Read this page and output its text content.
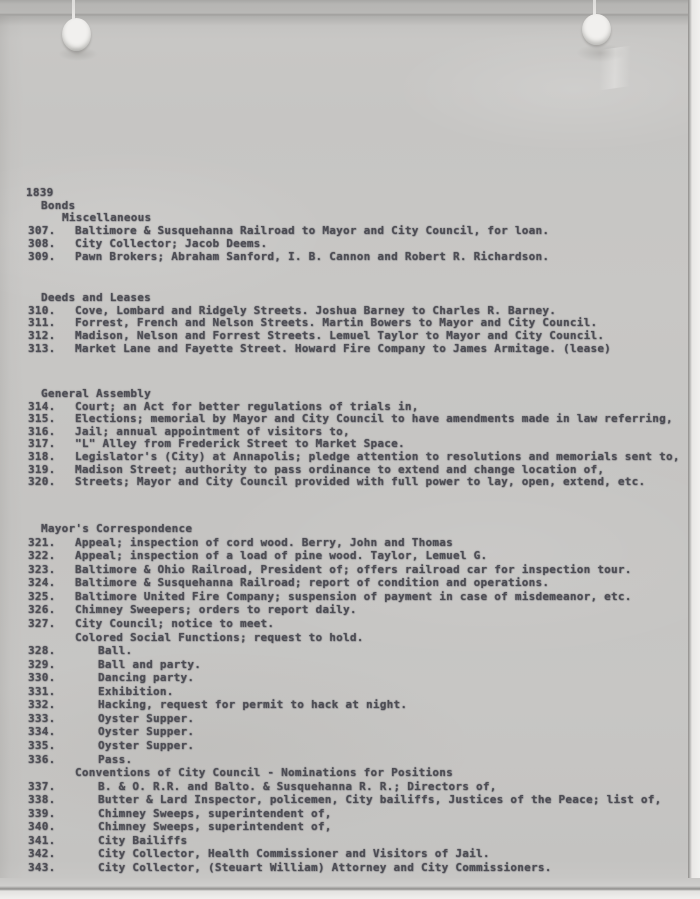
1839
Bonds
Miscellaneous
307. Baltimore & Susquehanna Railroad to Mayor and City Council, for loan.
308. City Collector; Jacob Deems.
309. Pawn Brokers; Abraham Sanford, I. B. Cannon and Robert R. Richardson.
Deeds and Leases
310. Cove, Lombard and Ridgely Streets. Joshua Barney to Charles R. Barney.
311. Forrest, French and Nelson Streets. Martin Bowers to Mayor and City Council.
312. Madison, Nelson and Forrest Streets. Lemuel Taylor to Mayor and City Council.
313. Market Lane and Fayette Street. Howard Fire Company to James Armitage. (lease)
General Assembly
314. Court; an Act for better regulations of trials in,
315. Elections; memorial by Mayor and City Council to have amendments made in law referring,
316. Jail; annual appointment of visitors to,
317. "L" Alley from Frederick Street to Market Space.
318. Legislator's (City) at Annapolis; pledge attention to resolutions and memorials sent to,
319. Madison Street; authority to pass ordinance to extend and change location of,
320. Streets; Mayor and City Council provided with full power to lay, open, extend, etc.
Mayor's Correspondence
321. Appeal; inspection of cord wood. Berry, John and Thomas
322. Appeal; inspection of a load of pine wood. Taylor, Lemuel G.
323. Baltimore & Ohio Railroad, President of; offers railroad car for inspection tour.
324. Baltimore & Susquehanna Railroad; report of condition and operations.
325. Baltimore United Fire Company; suspension of payment in case of misdemeanor, etc.
326. Chimney Sweepers; orders to report daily.
327. City Council; notice to meet.
Colored Social Functions; request to hold.
328.	Ball.
329.	Ball and party.
330.	Dancing party.
331.	Exhibition.
332.	Hacking, request for permit to hack at night.
333.	Oyster Supper.
334.	Oyster Supper.
335.	Oyster Supper.
336.	Pass.
Conventions of City Council - Nominations for Positions
337.	B. & O. R.R. and Balto. & Susquehanna R. R.; Directors of,
338.	Butter & Lard Inspector, policemen, City bailiffs, Justices of the Peace; list of,
339.	Chimney Sweeps, superintendent of,
340.	Chimney Sweeps, superintendent of,
341.	City Bailiffs
342.	City Collector, Health Commissioner and Visitors of Jail.
343.	City Collector, (Steuart William) Attorney and City Commissioners.
